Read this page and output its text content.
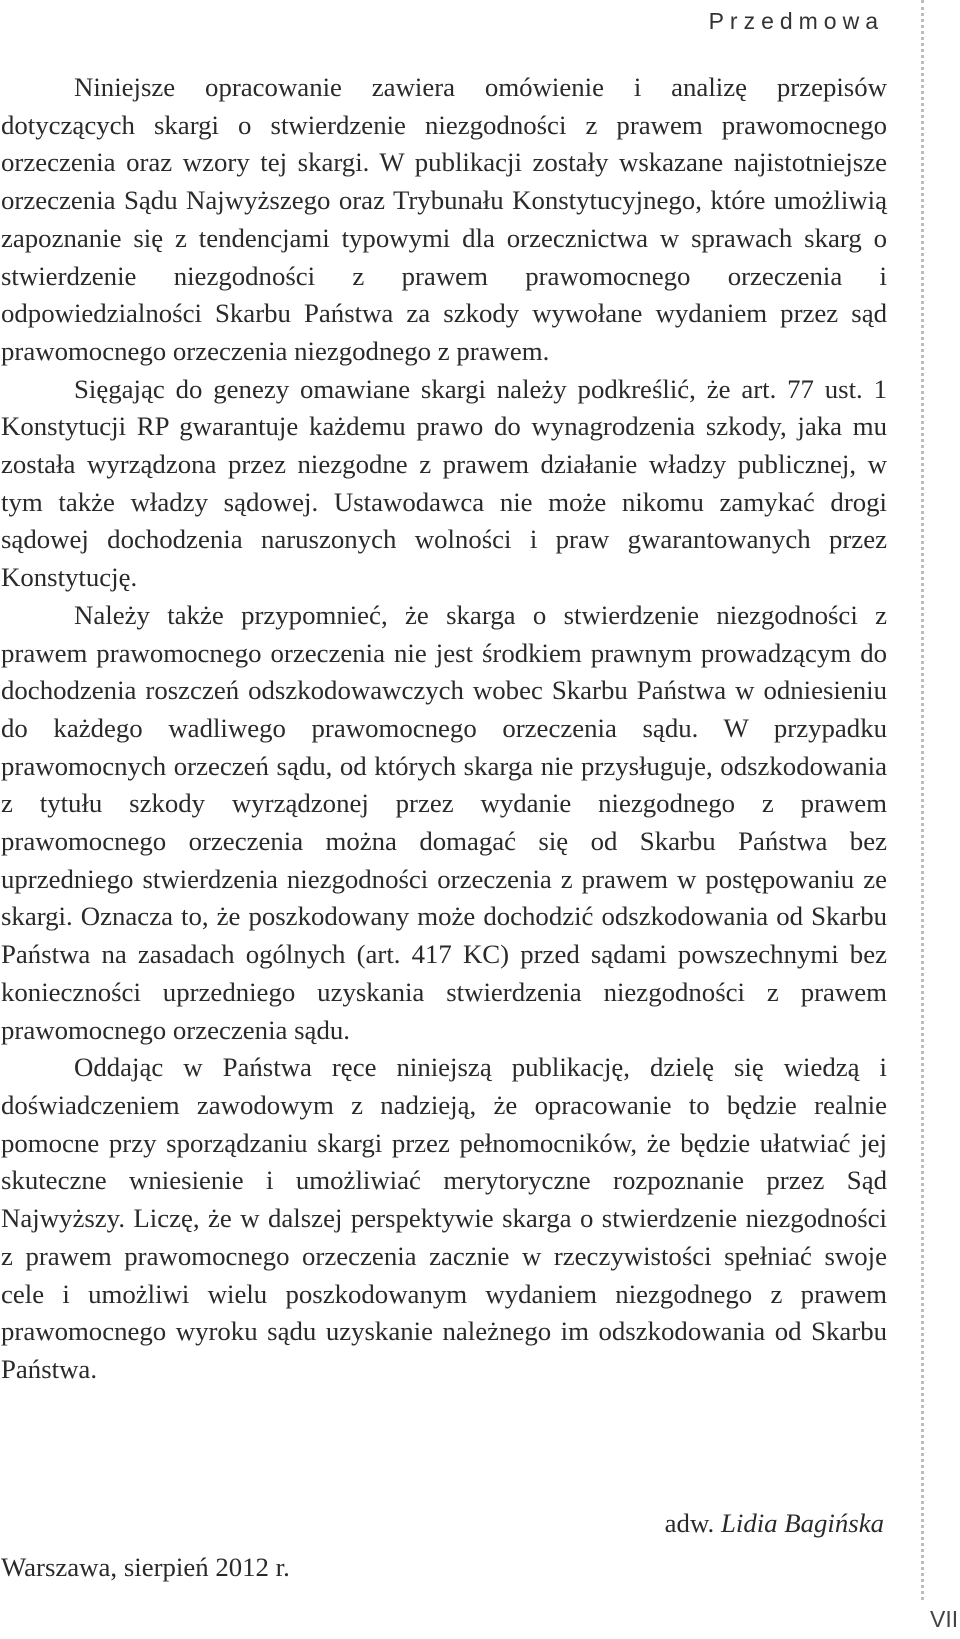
Przedmowa

Niniejsze opracowanie zawiera omówienie i analizę przepisów dotyczących skargi o stwierdzenie niezgodności z prawem prawomocnego orzeczenia oraz wzory tej skargi. W publikacji zostały wskazane najistotniejsze orzeczenia Sądu Najwyższego oraz Trybunału Konstytucyjnego, które umożliwią zapoznanie się z tendencjami typowymi dla orzecznictwa w sprawach skarg o stwierdzenie niezgodności z prawem prawomocnego orzeczenia i odpowiedzialności Skarbu Państwa za szkody wywołane wydaniem przez sąd prawomocnego orzeczenia niezgodnego z prawem.

Sięgając do genezy omawiane skargi należy podkreślić, że art. 77 ust. 1 Konstytucji RP gwarantuje każdemu prawo do wynagrodzenia szkody, jaka mu została wyrządzona przez niezgodne z prawem działanie władzy publicznej, w tym także władzy sądowej. Ustawodawca nie może nikomu zamykać drogi sądowej dochodzenia naruszonych wolności i praw gwarantowanych przez Konstytucję.

Należy także przypomnieć, że skarga o stwierdzenie niezgodności z prawem prawomocnego orzeczenia nie jest środkiem prawnym prowadzącym do dochodzenia roszczeń odszkodowawczych wobec Skarbu Państwa w odniesieniu do każdego wadliwego prawomocnego orzeczenia sądu. W przypadku prawomocnych orzeczeń sądu, od których skarga nie przysługuje, odszkodowania z tytułu szkody wyrządzonej przez wydanie niezgodnego z prawem prawomocnego orzeczenia można domagać się od Skarbu Państwa bez uprzedniego stwierdzenia niezgodności orzeczenia z prawem w postępowaniu ze skargi. Oznacza to, że poszkodowany może dochodzić odszkodowania od Skarbu Państwa na zasadach ogólnych (art. 417 KC) przed sądami powszechnymi bez konieczności uprzedniego uzyskania stwierdzenia niezgodności z prawem prawomocnego orzeczenia sądu.

Oddając w Państwa ręce niniejszą publikację, dzielę się wiedzą i doświadczeniem zawodowym z nadzieją, że opracowanie to będzie realnie pomocne przy sporządzaniu skargi przez pełnomocników, że będzie ułatwiać jej skuteczne wniesienie i umożliwiać merytoryczne rozpoznanie przez Sąd Najwyższy. Liczę, że w dalszej perspektywie skarga o stwierdzenie niezgodności z prawem prawomocnego orzeczenia zacznie w rzeczywistości spełniać swoje cele i umożliwi wielu poszkodowanym wydaniem niezgodnego z prawem prawomocnego wyroku sądu uzyskanie należnego im odszkodowania od Skarbu Państwa.

adw. Lidia Bagińska
Warszawa, sierpień 2012 r.
VII
